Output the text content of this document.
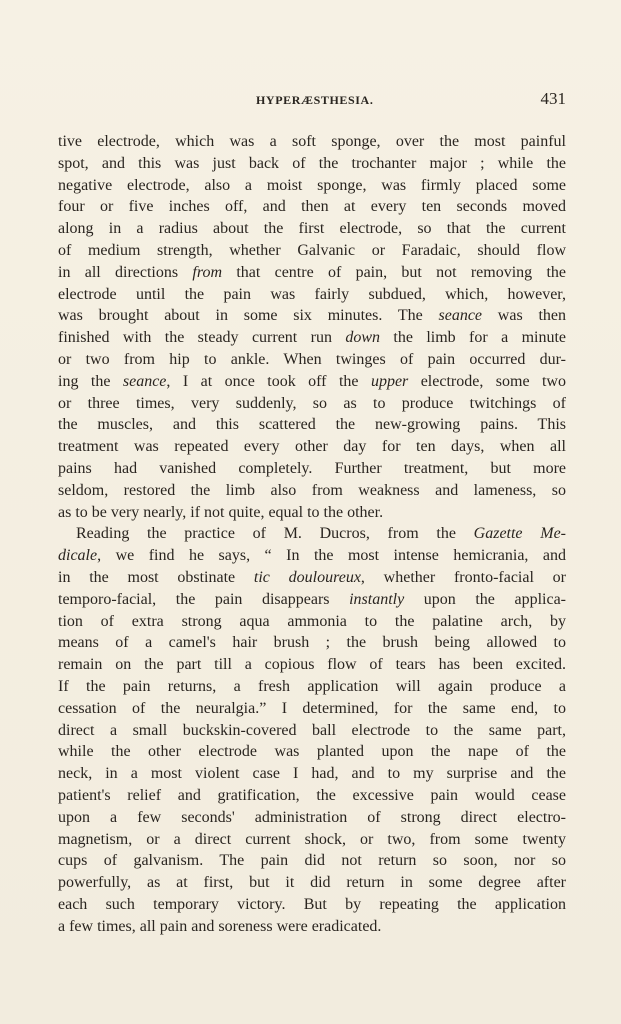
HYPERÆSTHESIA.	431
tive electrode, which was a soft sponge, over the most painful
spot, and this was just back of the trochanter major ; while the
negative electrode, also a moist sponge, was firmly placed some
four or five inches off, and then at every ten seconds moved
along in a radius about the first electrode, so that the current
of medium strength, whether Galvanic or Faradaic, should flow
in all directions from that centre of pain, but not removing the
electrode until the pain was fairly subdued, which, however,
was brought about in some six minutes. The seance was then
finished with the steady current run down the limb for a minute
or two from hip to ankle. When twinges of pain occurred dur-
ing the seance, I at once took off the upper electrode, some two
or three times, very suddenly, so as to produce twitchings of
the muscles, and this scattered the new-growing pains. This
treatment was repeated every other day for ten days, when all
pains had vanished completely. Further treatment, but more
seldom, restored the limb also from weakness and lameness, so
as to be very nearly, if not quite, equal to the other.
Reading the practice of M. Ducros, from the Gazette Me-
dicale, we find he says, “ In the most intense hemicrania, and
in the most obstinate tic douloureux, whether fronto-facial or
temporo-facial, the pain disappears instantly upon the applica-
tion of extra strong aqua ammonia to the palatine arch, by
means of a camel's hair brush ; the brush being allowed to
remain on the part till a copious flow of tears has been excited.
If the pain returns, a fresh application will again produce a
cessation of the neuralgia.” I determined, for the same end, to
direct a small buckskin-covered ball electrode to the same part,
while the other electrode was planted upon the nape of the
neck, in a most violent case I had, and to my surprise and the
patient's relief and gratification, the excessive pain would cease
upon a few seconds' administration of strong direct electro-
magnetism, or a direct current shock, or two, from some twenty
cups of galvanism. The pain did not return so soon, nor so
powerfully, as at first, but it did return in some degree after
each such temporary victory. But by repeating the application
a few times, all pain and soreness were eradicated.
